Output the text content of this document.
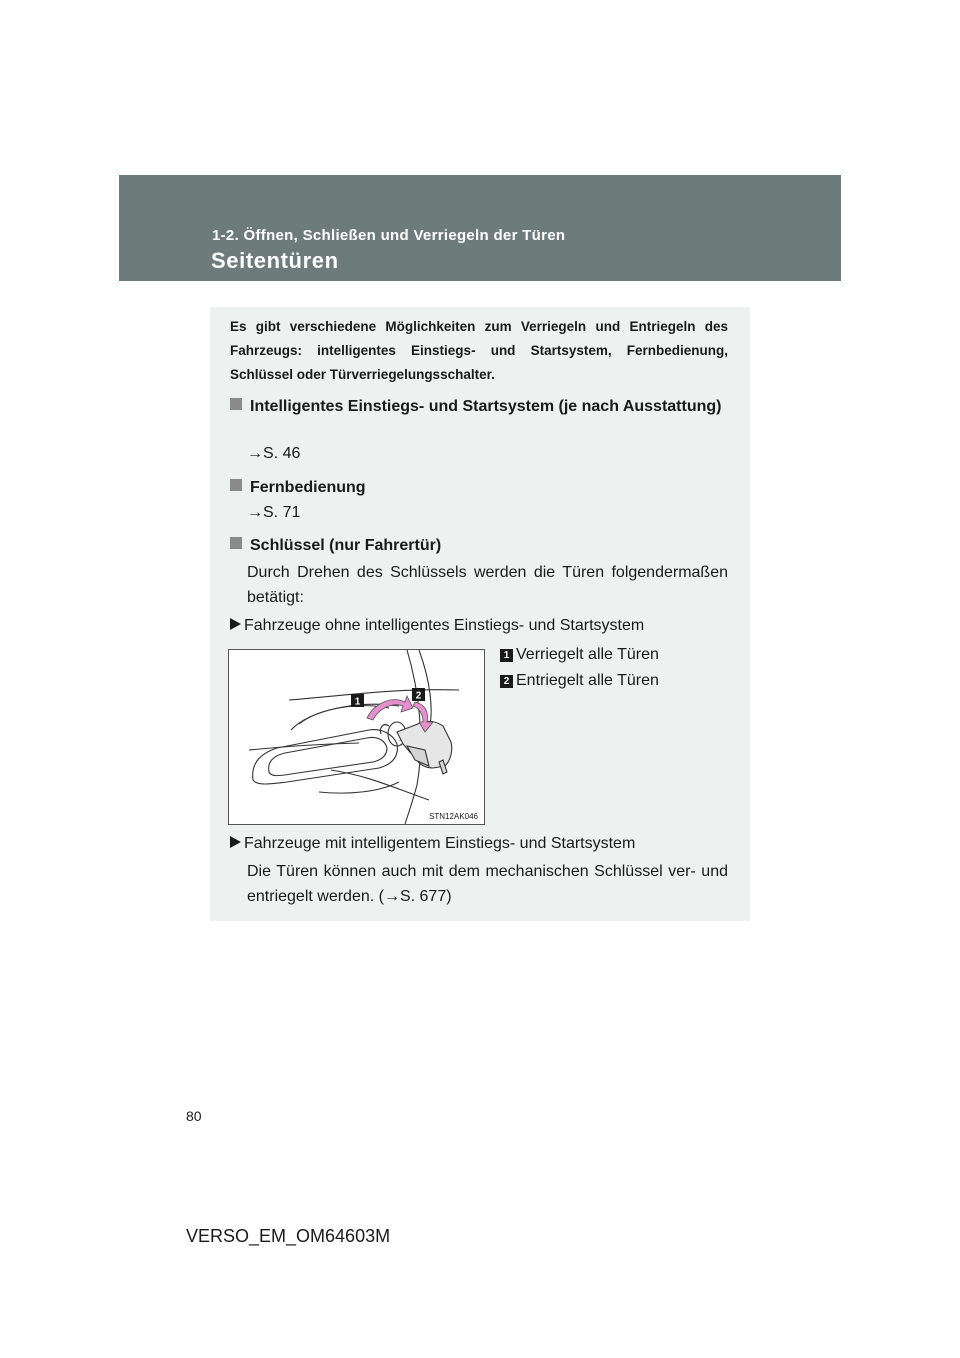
1-2. Öffnen, Schließen und Verriegeln der Türen
Seitentüren
Es gibt verschiedene Möglichkeiten zum Verriegeln und Entriegeln des Fahrzeugs: intelligentes Einstiegs- und Startsystem, Fernbedienung, Schlüssel oder Türverriegelungsschalter.
Intelligentes Einstiegs- und Startsystem (je nach Ausstattung)
→S. 46
Fernbedienung
→S. 71
Schlüssel (nur Fahrertür)
Durch Drehen des Schlüssels werden die Türen folgendermaßen betätigt:
Fahrzeuge ohne intelligentes Einstiegs- und Startsystem
1
2
STN12AK046
1 Verriegelt alle Türen
2 Entriegelt alle Türen
Fahrzeuge mit intelligentem Einstiegs- und Startsystem
Die Türen können auch mit dem mechanischen Schlüssel ver- und entriegelt werden. (→S. 677)
80
VERSO_EM_OM64603M
